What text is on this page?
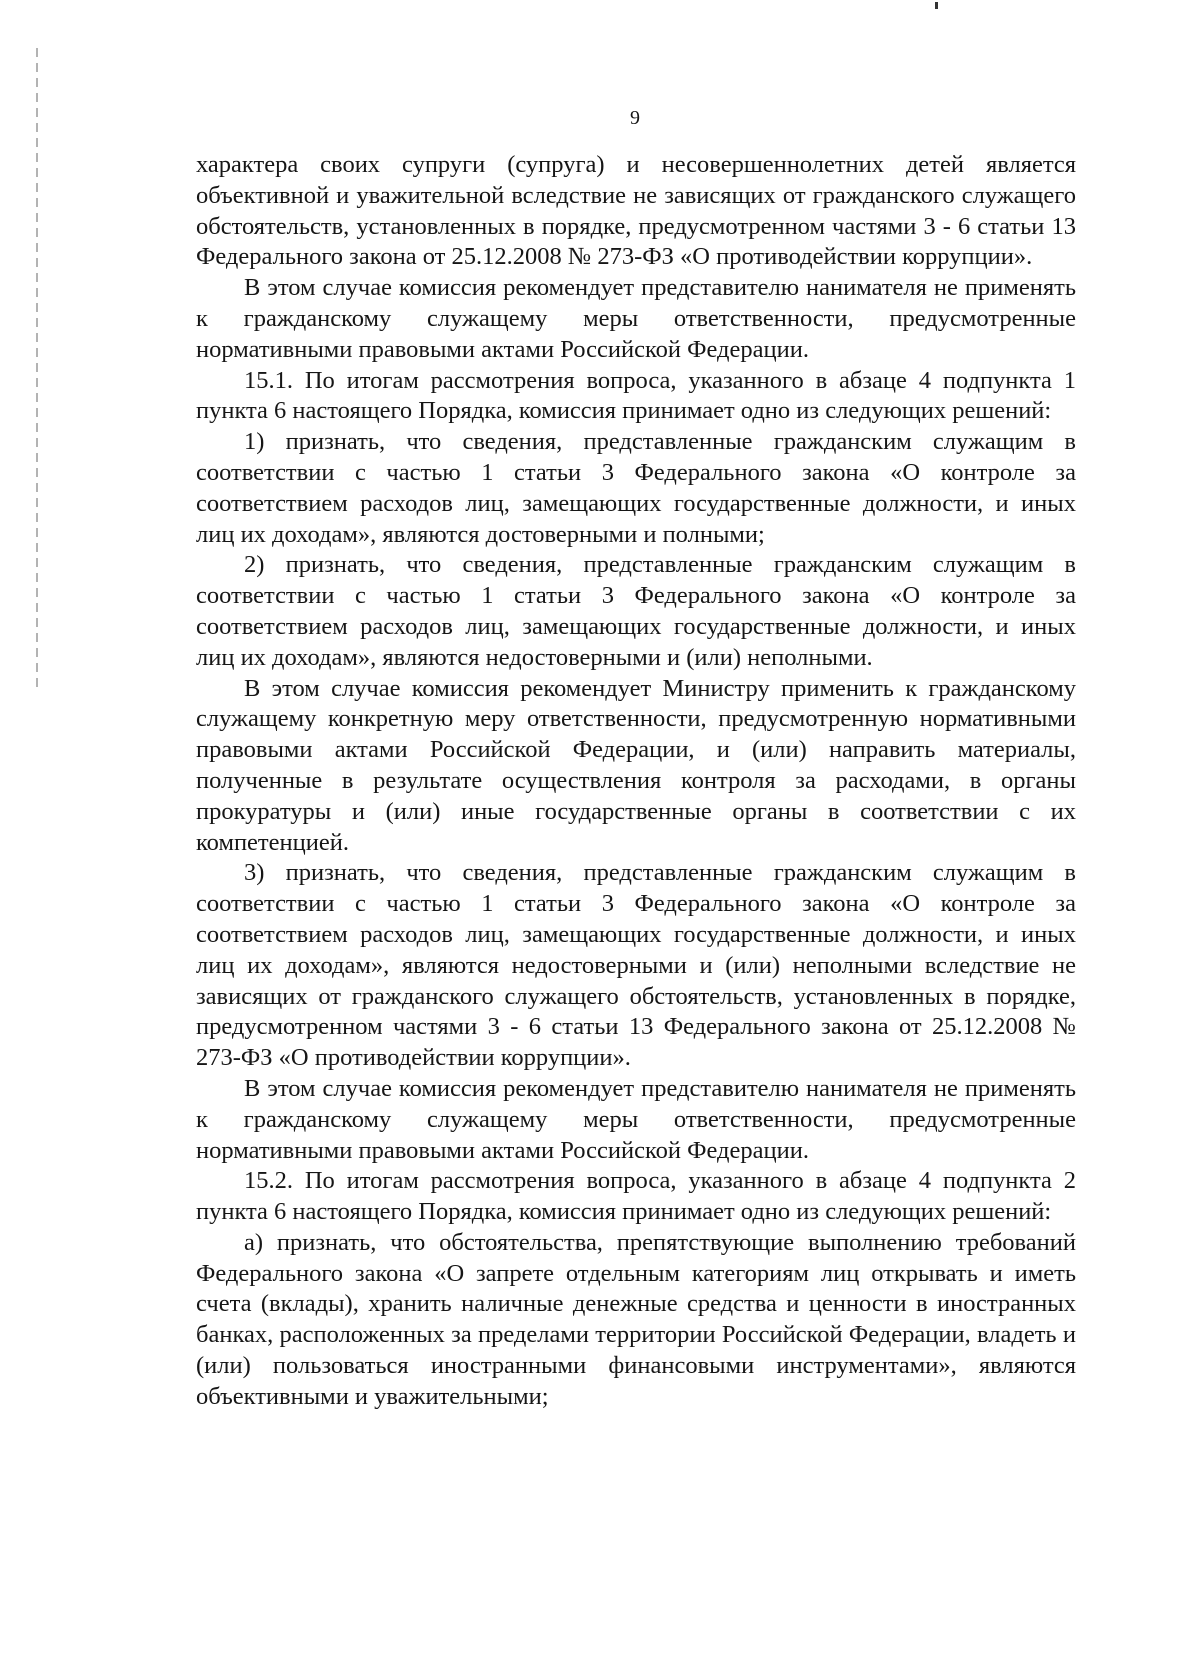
9

характера своих супруги (супруга) и несовершеннолетних детей является объективной и уважительной вследствие не зависящих от гражданского служащего обстоятельств, установленных в порядке, предусмотренном частями 3 - 6 статьи 13 Федерального закона от 25.12.2008 № 273-ФЗ «О противодействии коррупции».

В этом случае комиссия рекомендует представителю нанимателя не применять к гражданскому служащему меры ответственности, предусмотренные нормативными правовыми актами Российской Федерации.

15.1. По итогам рассмотрения вопроса, указанного в абзаце 4 подпункта 1 пункта 6 настоящего Порядка, комиссия принимает одно из следующих решений:

1) признать, что сведения, представленные гражданским служащим в соответствии с частью 1 статьи 3 Федерального закона «О контроле за соответствием расходов лиц, замещающих государственные должности, и иных лиц их доходам», являются достоверными и полными;

2) признать, что сведения, представленные гражданским служащим в соответствии с частью 1 статьи 3 Федерального закона «О контроле за соответствием расходов лиц, замещающих государственные должности, и иных лиц их доходам», являются недостоверными и (или) неполными.

В этом случае комиссия рекомендует Министру применить к гражданскому служащему конкретную меру ответственности, предусмотренную нормативными правовыми актами Российской Федерации, и (или) направить материалы, полученные в результате осуществления контроля за расходами, в органы прокуратуры и (или) иные государственные органы в соответствии с их компетенцией.

3) признать, что сведения, представленные гражданским служащим в соответствии с частью 1 статьи 3 Федерального закона «О контроле за соответствием расходов лиц, замещающих государственные должности, и иных лиц их доходам», являются недостоверными и (или) неполными вследствие не зависящих от гражданского служащего обстоятельств, установленных в порядке, предусмотренном частями 3 - 6 статьи 13 Федерального закона от 25.12.2008 № 273-ФЗ «О противодействии коррупции».

В этом случае комиссия рекомендует представителю нанимателя не применять к гражданскому служащему меры ответственности, предусмотренные нормативными правовыми актами Российской Федерации.

15.2. По итогам рассмотрения вопроса, указанного в абзаце 4 подпункта 2 пункта 6 настоящего Порядка, комиссия принимает одно из следующих решений:

а) признать, что обстоятельства, препятствующие выполнению требований Федерального закона «О запрете отдельным категориям лиц открывать и иметь счета (вклады), хранить наличные денежные средства и ценности в иностранных банках, расположенных за пределами территории Российской Федерации, владеть и (или) пользоваться иностранными финансовыми инструментами», являются объективными и уважительными;
